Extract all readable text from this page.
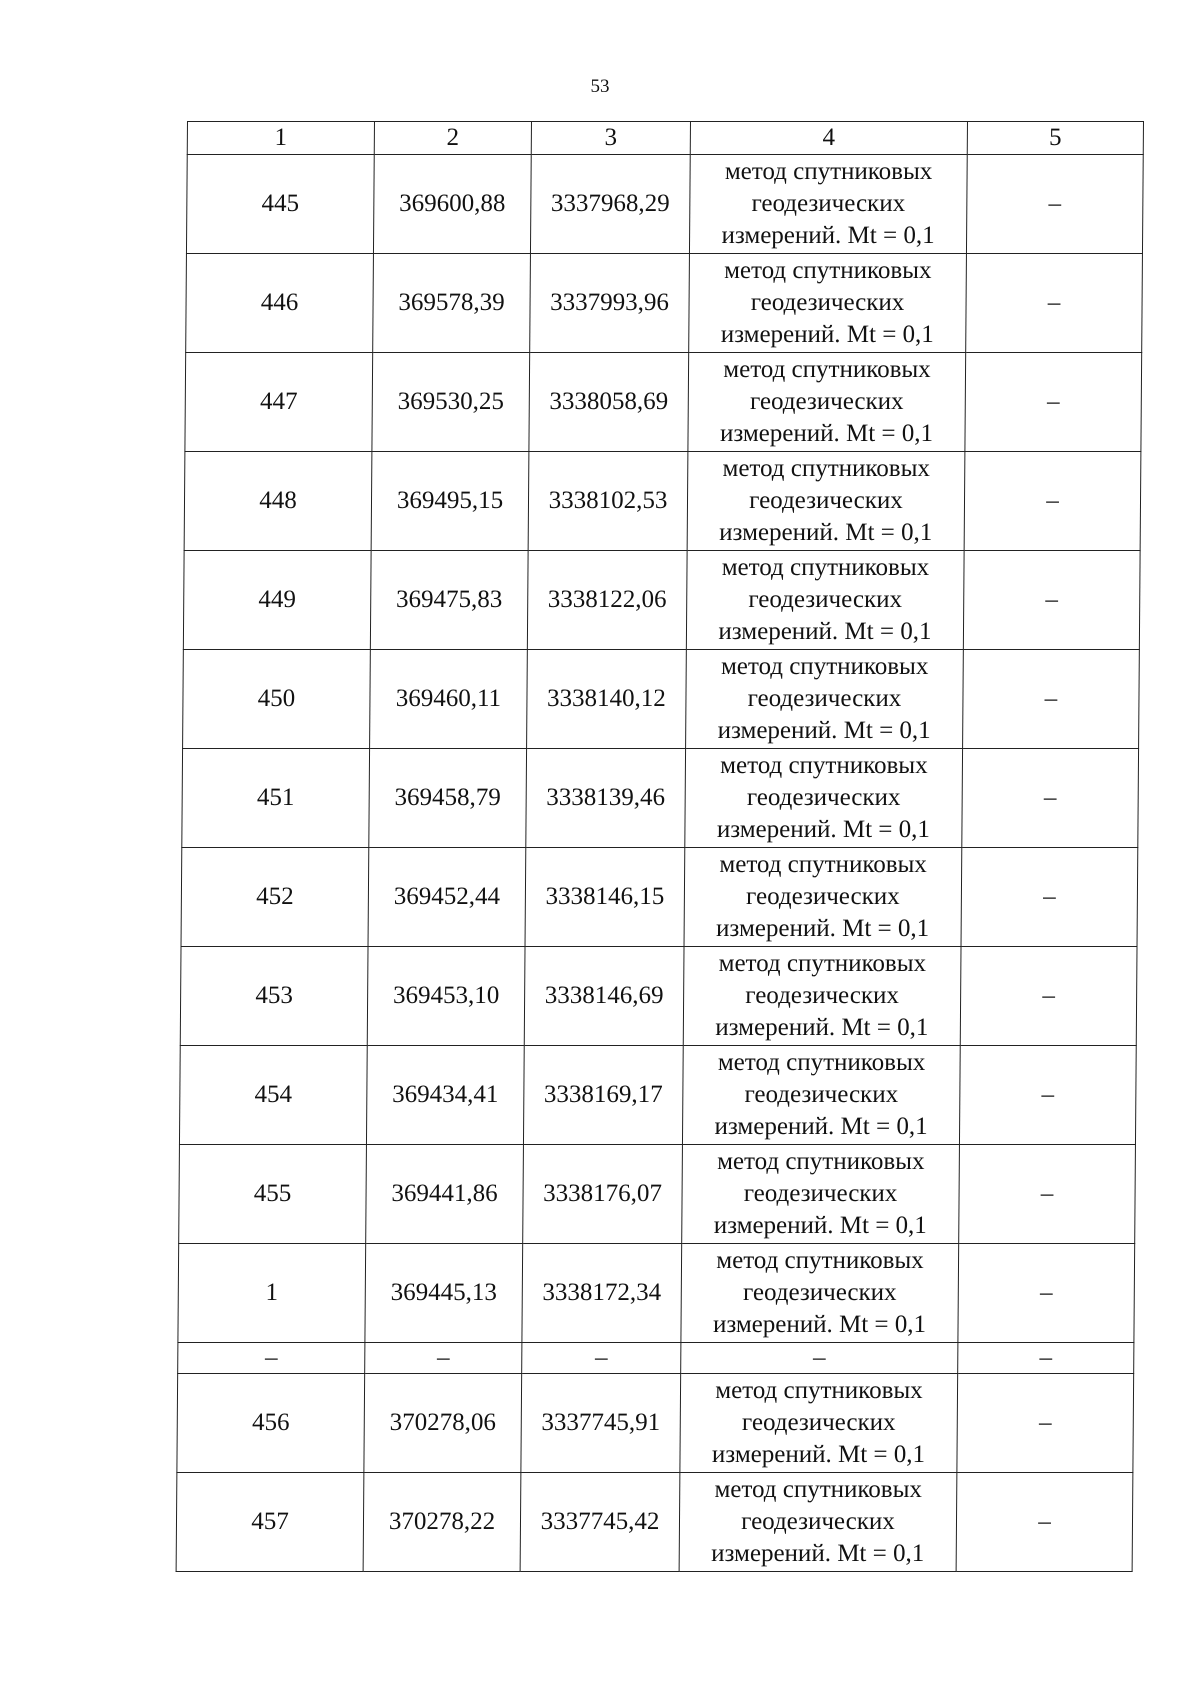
53
1	2	3	4	5
445	369600,88	3337968,29	метод спутниковых
геодезических
измерений. Mt = 0,1	–
446	369578,39	3337993,96	метод спутниковых
геодезических
измерений. Mt = 0,1	–
447	369530,25	3338058,69	метод спутниковых
геодезических
измерений. Mt = 0,1	–
448	369495,15	3338102,53	метод спутниковых
геодезических
измерений. Mt = 0,1	–
449	369475,83	3338122,06	метод спутниковых
геодезических
измерений. Mt = 0,1	–
450	369460,11	3338140,12	метод спутниковых
геодезических
измерений. Mt = 0,1	–
451	369458,79	3338139,46	метод спутниковых
геодезических
измерений. Mt = 0,1	–
452	369452,44	3338146,15	метод спутниковых
геодезических
измерений. Mt = 0,1	–
453	369453,10	3338146,69	метод спутниковых
геодезических
измерений. Mt = 0,1	–
454	369434,41	3338169,17	метод спутниковых
геодезических
измерений. Mt = 0,1	–
455	369441,86	3338176,07	метод спутниковых
геодезических
измерений. Mt = 0,1	–
1	369445,13	3338172,34	метод спутниковых
геодезических
измерений. Mt = 0,1	–
–	–	–	–	–
456	370278,06	3337745,91	метод спутниковых
геодезических
измерений. Mt = 0,1	–
457	370278,22	3337745,42	метод спутниковых
геодезических
измерений. Mt = 0,1	–
